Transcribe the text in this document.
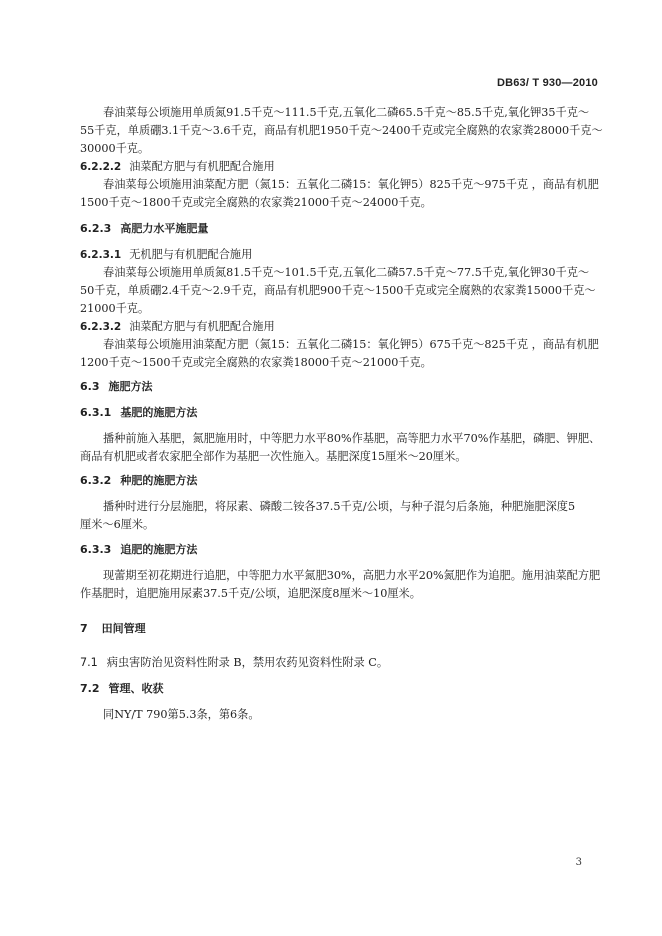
DB63/ T 930—2010
春油菜每公顷施用单质氮91.5千克～111.5千克,五氧化二磷65.5千克～85.5千克,氧化钾35千克～
55千克，单质硼3.1千克～3.6千克，商品有机肥1950千克～2400千克或完全腐熟的农家粪28000千克～
30000千克。
6.2.2.2 油菜配方肥与有机肥配合施用
春油菜每公顷施用油菜配方肥（氮15：五氧化二磷15：氧化钾5）825千克～975千克 ，商品有机肥
1500千克～1800千克或完全腐熟的农家粪21000千克～24000千克。
6.2.3 高肥力水平施肥量
6.2.3.1 无机肥与有机肥配合施用
春油菜每公顷施用单质氮81.5千克～101.5千克,五氧化二磷57.5千克～77.5千克,氧化钾30千克～
50千克，单质硼2.4千克～2.9千克，商品有机肥900千克～1500千克或完全腐熟的农家粪15000千克～
21000千克。
6.2.3.2 油菜配方肥与有机肥配合施用
春油菜每公顷施用油菜配方肥（氮15：五氧化二磷15：氧化钾5）675千克～825千克 ，商品有机肥
1200千克～1500千克或完全腐熟的农家粪18000千克～21000千克。
6.3 施肥方法
6.3.1 基肥的施肥方法
播种前施入基肥，氮肥施用时，中等肥力水平80%作基肥，高等肥力水平70%作基肥，磷肥、钾肥、
商品有机肥或者农家肥全部作为基肥一次性施入。基肥深度15厘米～20厘米。
6.3.2 种肥的施肥方法
播种时进行分层施肥，将尿素、磷酸二铵各37.5千克/公顷，与种子混匀后条施，种肥施肥深度5
厘米～6厘米。
6.3.3 追肥的施肥方法
现蕾期至初花期进行追肥，中等肥力水平氮肥30%，高肥力水平20%氮肥作为追肥。施用油菜配方肥
作基肥时，追肥施用尿素37.5千克/公顷，追肥深度8厘米～10厘米。
7 田间管理
7.1 病虫害防治见资料性附录 B，禁用农药见资料性附录 C。
7.2 管理、收获
同NY/T 790第5.3条，第6条。
3
